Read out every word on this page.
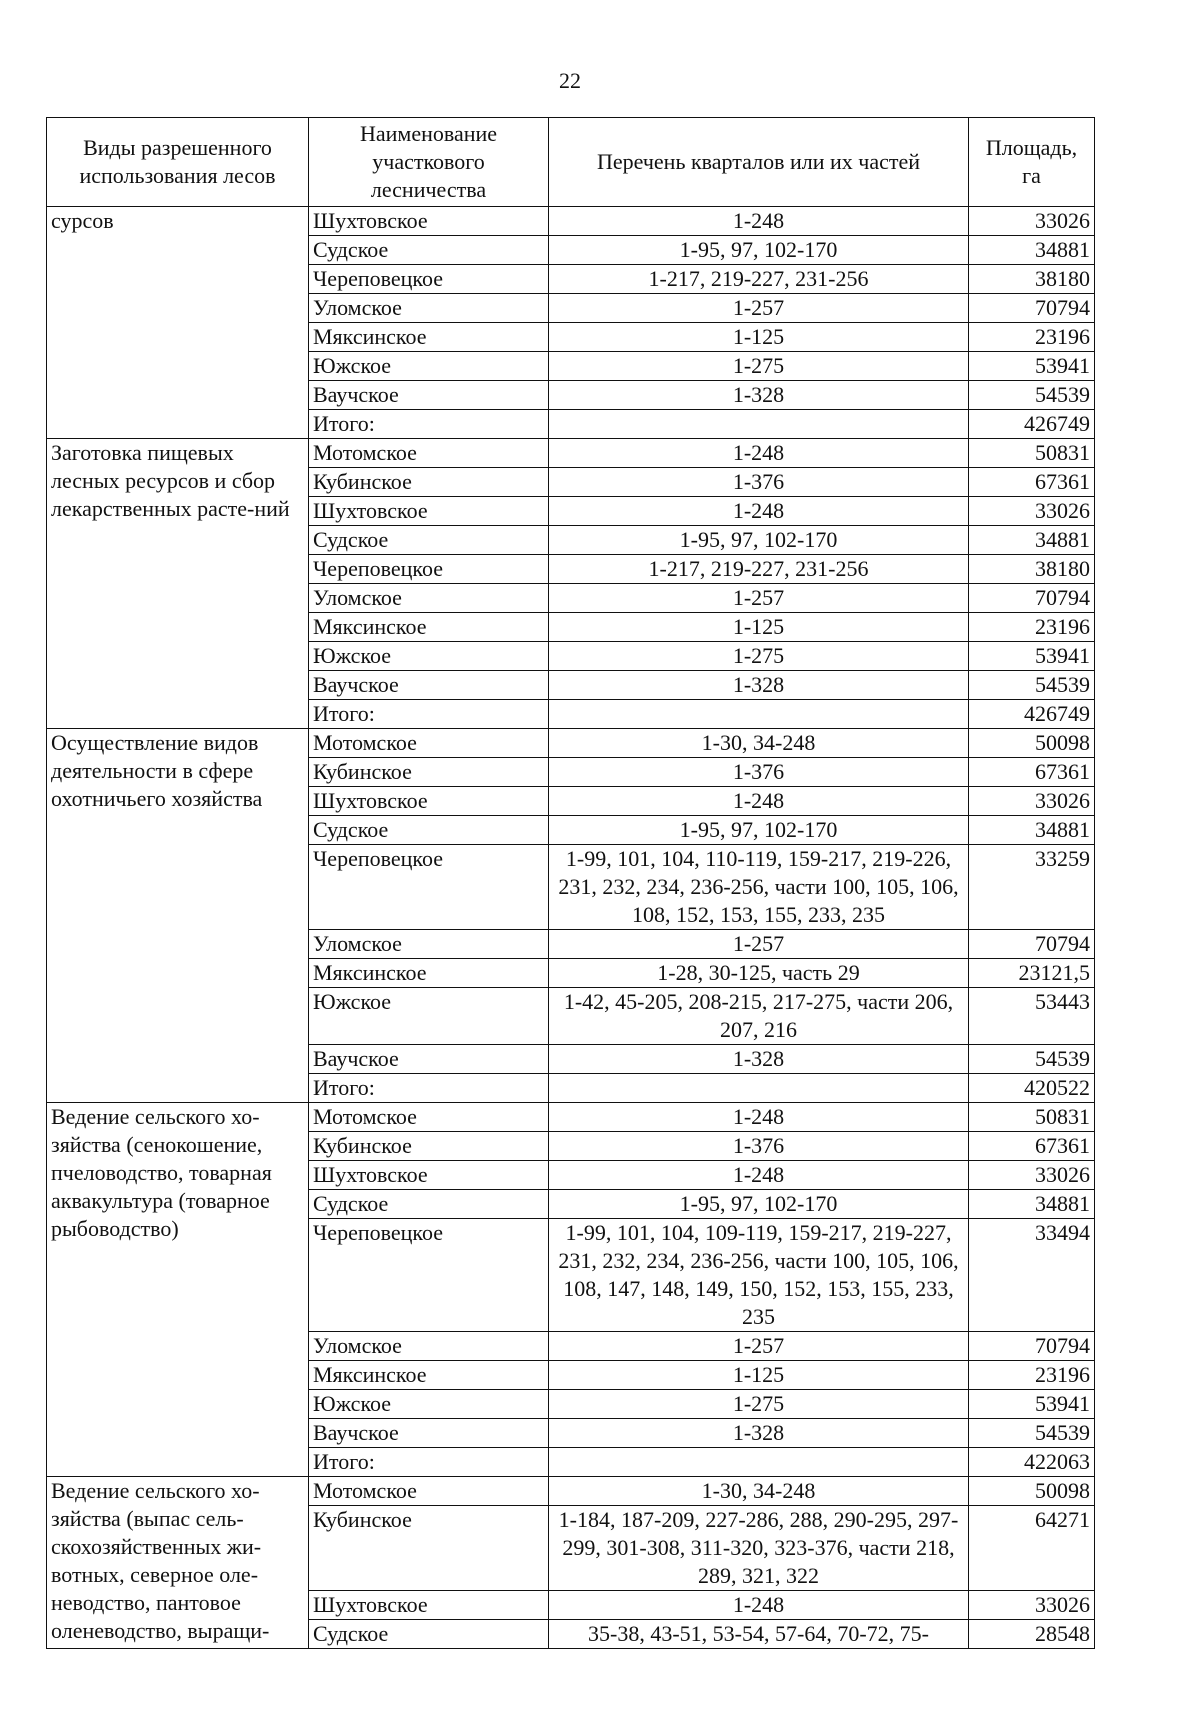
22
Виды разрешенного использования лесов	Наименование участкового лесничества	Перечень кварталов или их частей	Площадь, га
сурсов	Шухтовское	1-248	33026
	Судское	1-95, 97, 102-170	34881
	Череповецкое	1-217, 219-227, 231-256	38180
	Уломское	1-257	70794
	Мяксинское	1-125	23196
	Южское	1-275	53941
	Ваучское	1-328	54539
	Итого:		426749
Заготовка пищевых лесных ресурсов и сбор лекарственных расте-ний	Мотомское	1-248	50831
	Кубинское	1-376	67361
	Шухтовское	1-248	33026
	Судское	1-95, 97, 102-170	34881
	Череповецкое	1-217, 219-227, 231-256	38180
	Уломское	1-257	70794
	Мяксинское	1-125	23196
	Южское	1-275	53941
	Ваучское	1-328	54539
	Итого:		426749
Осуществление видов деятельности в сфере охотничьего хозяйства	Мотомское	1-30, 34-248	50098
	Кубинское	1-376	67361
	Шухтовское	1-248	33026
	Судское	1-95, 97, 102-170	34881
	Череповецкое	1-99, 101, 104, 110-119, 159-217, 219-226, 231, 232, 234, 236-256, части 100, 105, 106, 108, 152, 153, 155, 233, 235	33259
	Уломское	1-257	70794
	Мяксинское	1-28, 30-125, часть 29	23121,5
	Южское	1-42, 45-205, 208-215, 217-275, части 206, 207, 216	53443
	Ваучское	1-328	54539
	Итого:		420522
Ведение сельского хо-зяйства (сенокошение, пчеловодство, товарная аквакультура (товарное рыбоводство)	Мотомское	1-248	50831
	Кубинское	1-376	67361
	Шухтовское	1-248	33026
	Судское	1-95, 97, 102-170	34881
	Череповецкое	1-99, 101, 104, 109-119, 159-217, 219-227, 231, 232, 234, 236-256, части 100, 105, 106, 108, 147, 148, 149, 150, 152, 153, 155, 233, 235	33494
	Уломское	1-257	70794
	Мяксинское	1-125	23196
	Южское	1-275	53941
	Ваучское	1-328	54539
	Итого:		422063
Ведение сельского хо-зяйства (выпас сель-скохозяйственных жи-вотных, северное оле-неводство, пантовое оленеводство, выращи-	Мотомское	1-30, 34-248	50098
	Кубинское	1-184, 187-209, 227-286, 288, 290-295, 297-299, 301-308, 311-320, 323-376, части 218, 289, 321, 322	64271
	Шухтовское	1-248	33026
	Судское	35-38, 43-51, 53-54, 57-64, 70-72, 75-	28548
